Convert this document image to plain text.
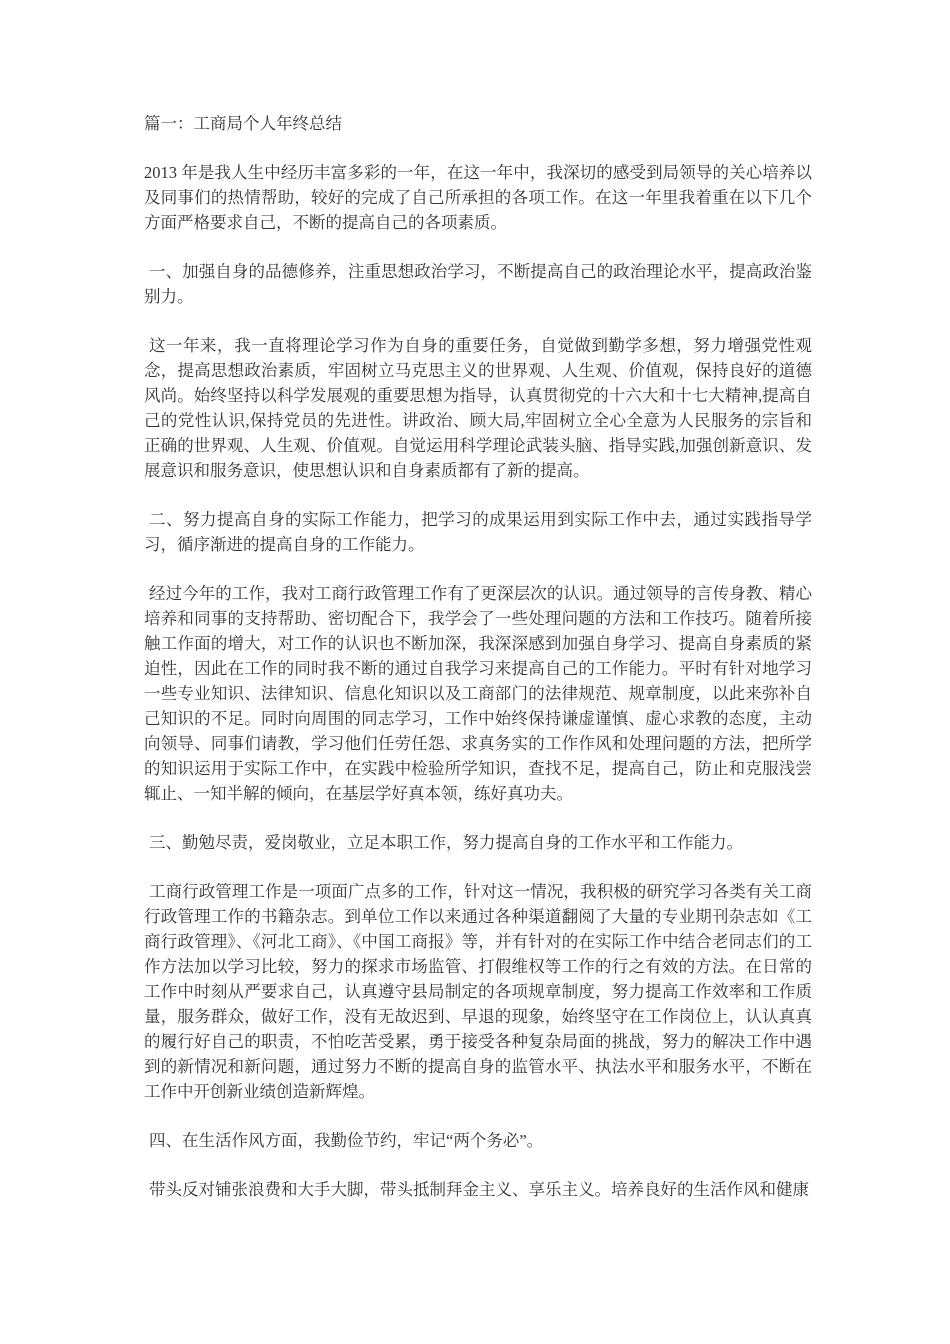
篇一：工商局个人年终总结

2013 年是我人生中经历丰富多彩的一年，在这一年中，我深切的感受到局领导的关心培养以及同事们的热情帮助，较好的完成了自己所承担的各项工作。在这一年里我着重在以下几个方面严格要求自己，不断的提高自己的各项素质。

一、加强自身的品德修养，注重思想政治学习，不断提高自己的政治理论水平，提高政治鉴别力。

这一年来，我一直将理论学习作为自身的重要任务，自觉做到勤学多想，努力增强党性观念，提高思想政治素质，牢固树立马克思主义的世界观、人生观、价值观，保持良好的道德风尚。始终坚持以科学发展观的重要思想为指导，认真贯彻党的十六大和十七大精神,提高自己的党性认识,保持党员的先进性。讲政治、顾大局,牢固树立全心全意为人民服务的宗旨和正确的世界观、人生观、价值观。自觉运用科学理论武装头脑、指导实践,加强创新意识、发展意识和服务意识，使思想认识和自身素质都有了新的提高。

二、努力提高自身的实际工作能力，把学习的成果运用到实际工作中去，通过实践指导学习，循序渐进的提高自身的工作能力。

经过今年的工作，我对工商行政管理工作有了更深层次的认识。通过领导的言传身教、精心培养和同事的支持帮助、密切配合下，我学会了一些处理问题的方法和工作技巧。随着所接触工作面的增大，对工作的认识也不断加深，我深深感到加强自身学习、提高自身素质的紧迫性，因此在工作的同时我不断的通过自我学习来提高自己的工作能力。平时有针对地学习一些专业知识、法律知识、信息化知识以及工商部门的法律规范、规章制度，以此来弥补自己知识的不足。同时向周围的同志学习，工作中始终保持谦虚谨慎、虚心求教的态度，主动向领导、同事们请教，学习他们任劳任怨、求真务实的工作作风和处理问题的方法，把所学的知识运用于实际工作中，在实践中检验所学知识，查找不足，提高自己，防止和克服浅尝辄止、一知半解的倾向，在基层学好真本领，练好真功夫。

三、勤勉尽责，爱岗敬业，立足本职工作，努力提高自身的工作水平和工作能力。

工商行政管理工作是一项面广点多的工作，针对这一情况，我积极的研究学习各类有关工商行政管理工作的书籍杂志。到单位工作以来通过各种渠道翻阅了大量的专业期刊杂志如《工商行政管理》、《河北工商》、《中国工商报》等，并有针对的在实际工作中结合老同志们的工作方法加以学习比较，努力的探求市场监管、打假维权等工作的行之有效的方法。在日常的工作中时刻从严要求自己，认真遵守县局制定的各项规章制度，努力提高工作效率和工作质量，服务群众，做好工作，没有无故迟到、早退的现象，始终坚守在工作岗位上，认认真真的履行好自己的职责，不怕吃苦受累，勇于接受各种复杂局面的挑战，努力的解决工作中遇到的新情况和新问题，通过努力不断的提高自身的监管水平、执法水平和服务水平，不断在工作中开创新业绩创造新辉煌。

四、在生活作风方面，我勤俭节约，牢记“两个务必”。

带头反对铺张浪费和大手大脚，带头抵制拜金主义、享乐主义。培养良好的生活作风和健康
